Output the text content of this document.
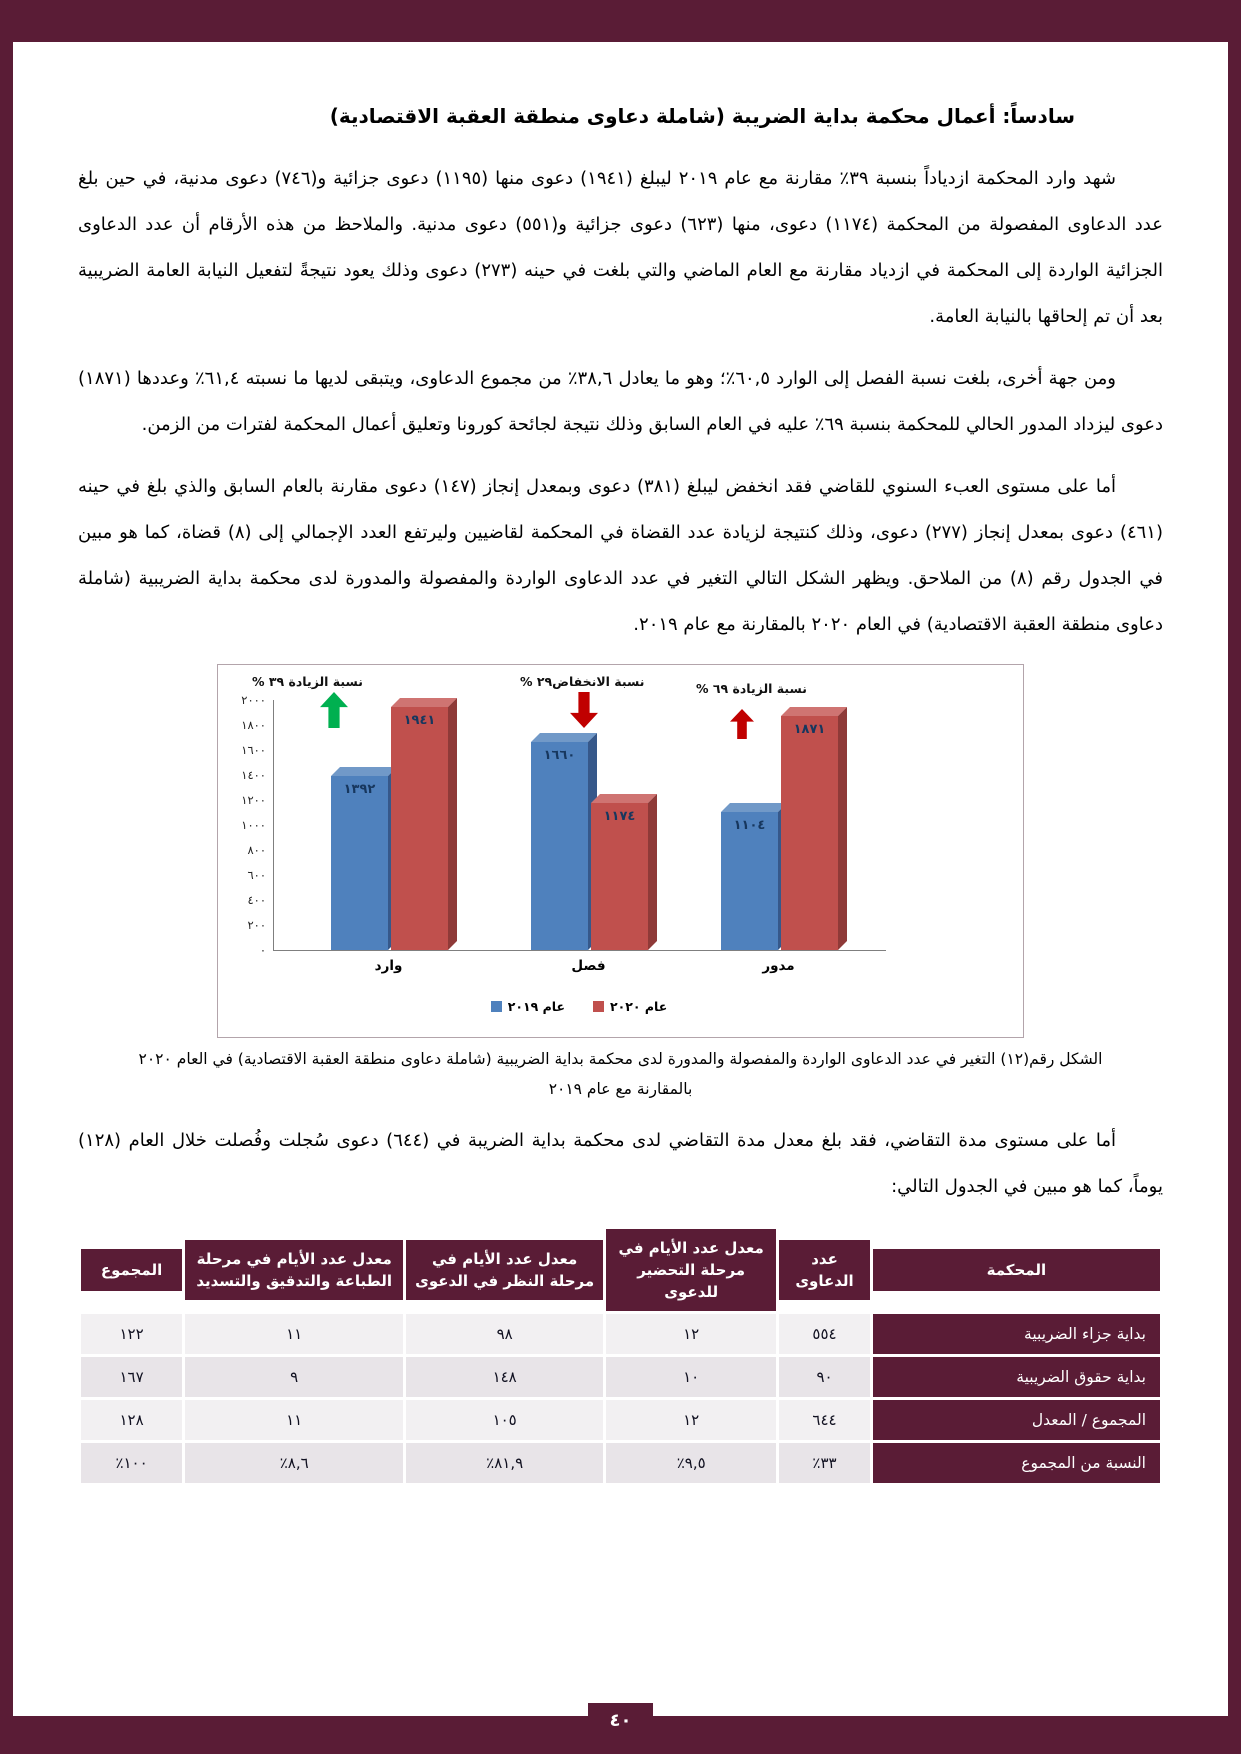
سادساً: أعمال محكمة بداية الضريبة (شاملة دعاوى منطقة العقبة الاقتصادية)

شهد وارد المحكمة ازدياداً بنسبة ٣٩٪ مقارنة مع عام ٢٠١٩ ليبلغ (١٩٤١) دعوى منها (١١٩٥) دعوى جزائية و(٧٤٦) دعوى مدنية، في حين بلغ عدد الدعاوى المفصولة من المحكمة (١١٧٤) دعوى، منها (٦٢٣) دعوى جزائية و(٥٥١) دعوى مدنية. والملاحظ من هذه الأرقام أن عدد الدعاوى الجزائية الواردة إلى المحكمة في ازدياد مقارنة مع العام الماضي والتي بلغت في حينه (٢٧٣) دعوى وذلك يعود نتيجةً لتفعيل النيابة العامة الضريبية بعد أن تم إلحاقها بالنيابة العامة.

ومن جهة أخرى، بلغت نسبة الفصل إلى الوارد ٦٠,٥٪؛ وهو ما يعادل ٣٨,٦٪ من مجموع الدعاوى، ويتبقى لديها ما نسبته ٦١,٤٪ وعددها (١٨٧١) دعوى ليزداد المدور الحالي للمحكمة بنسبة ٦٩٪ عليه في العام السابق وذلك نتيجة لجائحة كورونا وتعليق أعمال المحكمة لفترات من الزمن.

أما على مستوى العبء السنوي للقاضي فقد انخفض ليبلغ (٣٨١) دعوى وبمعدل إنجاز (١٤٧) دعوى مقارنة بالعام السابق والذي بلغ في حينه (٤٦١) دعوى بمعدل إنجاز (٢٧٧) دعوى، وذلك كنتيجة لزيادة عدد القضاة في المحكمة لقاضيين وليرتفع العدد الإجمالي إلى (٨) قضاة، كما هو مبين في الجدول رقم (٨) من الملاحق. ويظهر الشكل التالي التغير في عدد الدعاوى الواردة والمفصولة والمدورة لدى محكمة بداية الضريبية (شاملة دعاوى منطقة العقبة الاقتصادية) في العام ٢٠٢٠ بالمقارنة مع عام ٢٠١٩.

نسبة الزيادة ٣٩ %	نسبة الانخفاض٢٩ %	نسبة الزيادة ٦٩ %
٢٠٠٠
١٨٠٠
١٦٠٠
١٤٠٠
١٢٠٠
١٠٠٠
٨٠٠
٦٠٠
٤٠٠
٢٠٠
٠
١٣٩٢
١٩٤١
١٦٦٠
١١٧٤
١١٠٤
١٨٧١
وارد	فصل	مدور
عام ٢٠١٩	عام ٢٠٢٠
الشكل رقم(١٢) التغير في عدد الدعاوى الواردة والمفصولة والمدورة لدى محكمة بداية الضريبية (شاملة دعاوى منطقة العقبة الاقتصادية) في العام ٢٠٢٠ بالمقارنة مع عام ٢٠١٩

أما على مستوى مدة التقاضي، فقد بلغ معدل مدة التقاضي لدى محكمة بداية الضريبة في (٦٤٤) دعوى سُجلت وفُصلت خلال العام (١٢٨) يوماً، كما هو مبين في الجدول التالي:

المحكمة	عدد الدعاوى	معدل عدد الأيام في مرحلة التحضير للدعوى	معدل عدد الأيام في مرحلة النظر في الدعوى	معدل عدد الأيام في مرحلة الطباعة والتدقيق والتسديد	المجموع

بداية جزاء الضريبية	٥٥٤	١٢	٩٨	١١	١٢٢
بداية حقوق الضريبية	٩٠	١٠	١٤٨	٩	١٦٧
المجموع / المعدل	٦٤٤	١٢	١٠٥	١١	١٢٨
النسبة من المجموع	٣٣٪	٩,٥٪	٨١,٩٪	٨,٦٪	١٠٠٪
٤٠
